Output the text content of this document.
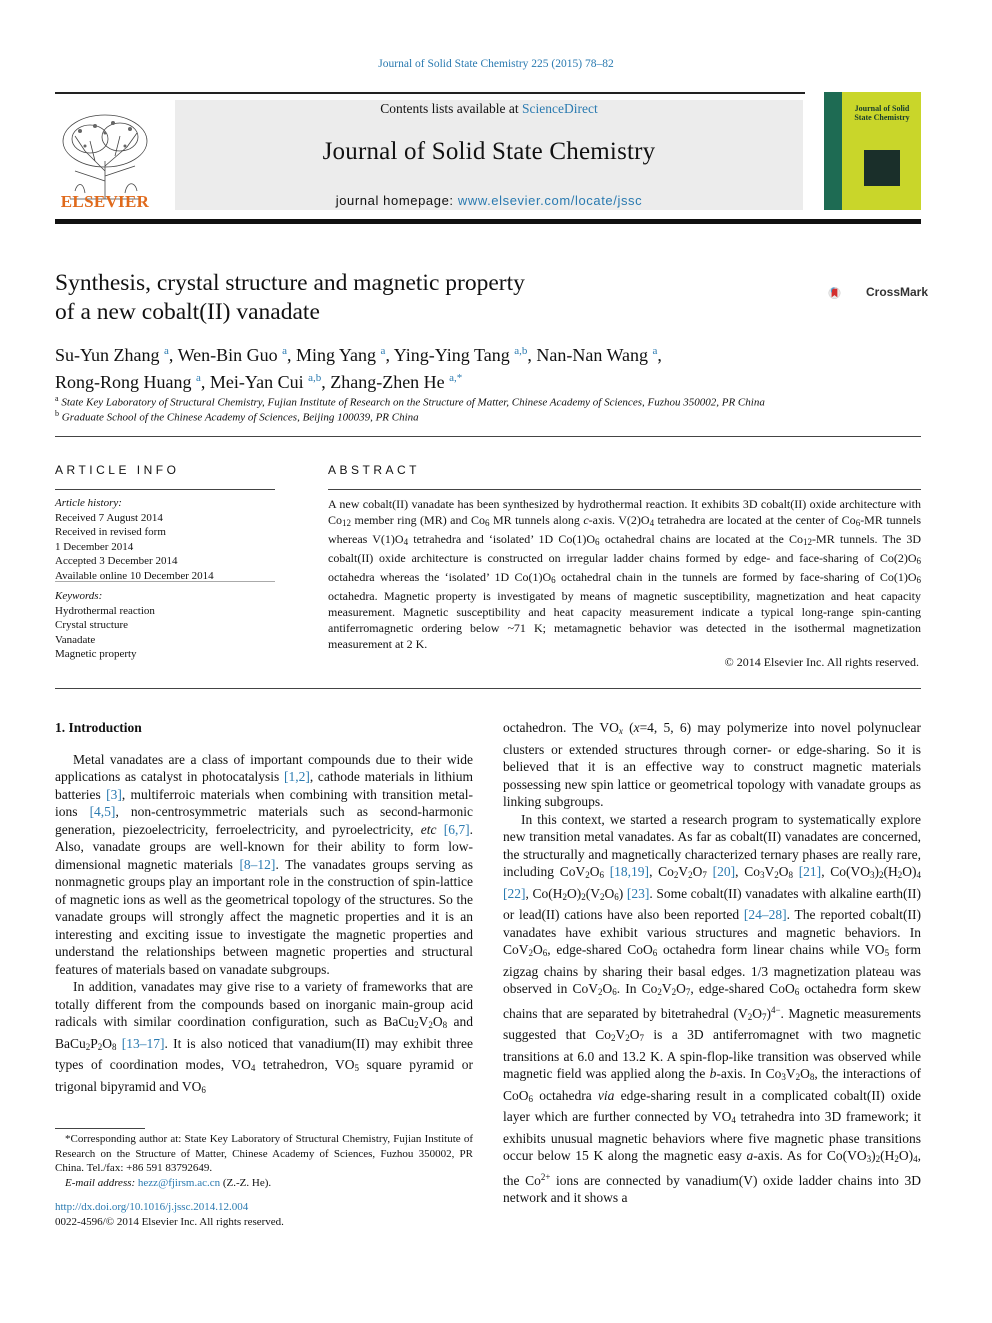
Journal of Solid State Chemistry 225 (2015) 78–82
Contents lists available at ScienceDirect
Journal of Solid State Chemistry
journal homepage: www.elsevier.com/locate/jssc
ELSEVIER
Journal of Solid State Chemistry
Synthesis, crystal structure and magnetic property
of a new cobalt(II) vanadate
CrossMark
Su-Yun Zhang $^a$, Wen-Bin Guo $^a$, Ming Yang $^a$, Ying-Ying Tang $^{a,b}$, Nan-Nan Wang $^a$,
Rong-Rong Huang $^a$, Mei-Yan Cui $^{a,b}$, Zhang-Zhen He $^{a,*}$
$^a$ State Key Laboratory of Structural Chemistry, Fujian Institute of Research on the Structure of Matter, Chinese Academy of Sciences, Fuzhou 350002, PR China
$^b$ Graduate School of the Chinese Academy of Sciences, Beijing 100039, PR China
ARTICLE INFO
Article history:
Received 7 August 2014
Received in revised form
1 December 2014
Accepted 3 December 2014
Available online 10 December 2014
Keywords:
Hydrothermal reaction
Crystal structure
Vanadate
Magnetic property
ABSTRACT
A new cobalt(II) vanadate has been synthesized by hydrothermal reaction. It exhibits 3D cobalt(II) oxide architecture with $Co_{12}$ member ring (MR) and $Co_6$ MR tunnels along c-axis. $V(2)O_4$ tetrahedra are located at the center of $Co_6-MR$ tunnels whereas $V(1)O_4$ tetrahedra and ‘isolated’ 1D $Co(1)O_6$ octahedral chains are located at the $Co_{12}-MR$ tunnels. The 3D cobalt(II) oxide architecture is constructed on irregular ladder chains formed by edge- and face-sharing of $Co(2)O_6$ octahedra whereas the ‘isolated’ 1D $Co(1)O_6$ octahedral chain in the tunnels are formed by face-sharing of $Co(1)O_6$ octahedra. Magnetic property is investigated by means of magnetic susceptibility, magnetization and heat capacity measurement. Magnetic susceptibility and heat capacity measurement indicate a typical long-range spin-canting antiferromagnetic ordering below ~71 K; metamagnetic behavior was detected in the isothermal magnetization measurement at 2 K.
© 2014 Elsevier Inc. All rights reserved.

1. Introduction

Metal vanadates are a class of important compounds due to their wide applications as catalyst in photocatalysis [1,2], cathode materials in lithium batteries [3], multiferroic materials when combining with transition metal-ions [4,5], non-centrosymmetric materials such as second-harmonic generation, piezoelectricity, ferroelectricity, and pyroelectricity, etc [6,7]. Also, vanadate groups are well-known for their ability to form low-dimensional magnetic materials [8–12]. The vanadates groups serving as nonmagnetic groups play an important role in the construction of spin-lattice of magnetic ions as well as the geometrical topology of the structures. So the vanadate groups will strongly affect the magnetic properties and it is an interesting and exciting issue to investigate the magnetic properties and understand the relationships between magnetic properties and structural features of materials based on vanadate subgroups.

In addition, vanadates may give rise to a variety of frameworks that are totally different from the compounds based on inorganic main-group acid radicals with similar coordination configuration, such as $BaCu_2V_2O_8$ and $BaCu_2P_2O_8$ [13–17]. It is also noticed that vanadium(II) may exhibit three types of coordination modes, $VO_4$ tetrahedron, $VO_5$ square pyramid or trigonal bipyramid and $VO_6$

*Corresponding author at: State Key Laboratory of Structural Chemistry, Fujian Institute of Research on the Structure of Matter, Chinese Academy of Sciences, Fuzhou 350002, PR China. Tel./fax: +86 591 83792649.
E-mail address: hezz@fjirsm.ac.cn (Z.-Z. He).
http://dx.doi.org/10.1016/j.jssc.2014.12.004
0022-4596/© 2014 Elsevier Inc. All rights reserved.

octahedron. The $VO_x$ (x=4, 5, 6) may polymerize into novel polynuclear clusters or extended structures through corner- or edge-sharing. So it is believed that it is an effective way to construct magnetic materials possessing new spin lattice or geometrical topology with vanadate groups as linking subgroups.

In this context, we started a research program to systematically explore new transition metal vanadates. As far as cobalt(II) vanadates are concerned, the structurally and magnetically characterized ternary phases are really rare, including $CoV_2O_6$ [18,19], $Co_2V_2O_7$ [20], $Co_3V_2O_8$ [21], $Co(VO_3)_2(H_2O)_4$ [22], $Co(H_2O)_2(V_2O_6)$ [23]. Some cobalt(II) vanadates with alkaline earth(II) or lead(II) cations have also been reported [24–28]. The reported cobalt(II) vanadates have exhibit various structures and magnetic behaviors. In $CoV_2O_6$, edge-shared CoO$_6$ octahedra form linear chains while $VO_5$ form zigzag chains by sharing their basal edges. 1/3 magnetization plateau was observed in $CoV_2O_6$. In $Co_2V_2O_7$, edge-shared CoO$_6$ octahedra form skew chains that are separated by bitetrahedral $(V_2O_7)^{4-}$. Magnetic measurements suggested that $Co_2V_2O_7$ is a 3D antiferromagnet with two magnetic transitions at 6.0 and 13.2 K. A spin-flop-like transition was observed while magnetic field was applied along the b-axis. In $Co_3V_2O_8$, the interactions of CoO$_6$ octahedra via edge-sharing result in a complicated cobalt(II) oxide layer which are further connected by $VO_4$ tetrahedra into 3D framework; it exhibits unusual magnetic behaviors where five magnetic phase transitions occur below 15 K along the magnetic easy a-axis. As for $Co(VO_3)_2(H_2O)_4$, the $Co^{2+}$ ions are connected by vanadium(V) oxide ladder chains into 3D network and it shows a
